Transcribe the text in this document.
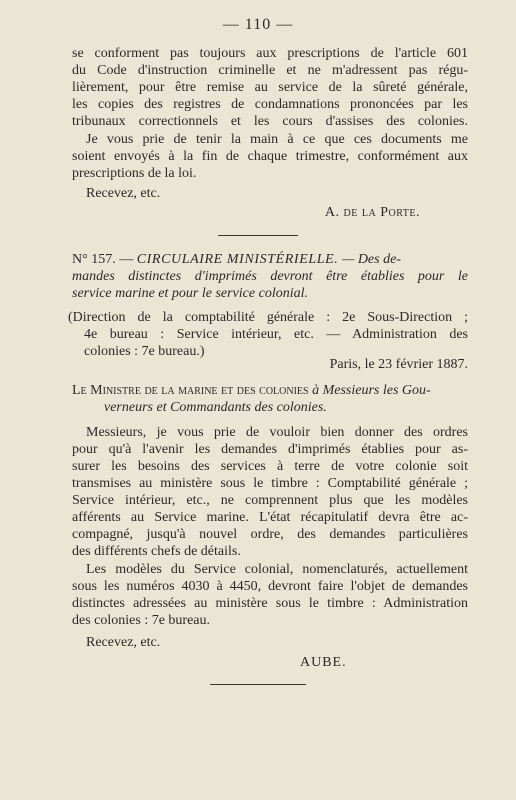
— 110 —
se conforment pas toujours aux prescriptions de l'article 601
du Code d'instruction criminelle et ne m'adressent pas régu-
lièrement, pour être remise au service de la sûreté générale,
les copies des registres de condamnations prononcées par les
tribunaux correctionnels et les cours d'assises des colonies.
Je vous prie de tenir la main à ce que ces documents me
soient envoyés à la fin de chaque trimestre, conformément aux
prescriptions de la loi.
Recevez, etc.
A. de la Porte.
N° 157. — CIRCULAIRE MINISTÉRIELLE. — Des de-
mandes distinctes d'imprimés devront être établies pour le
service marine et pour le service colonial.
(Direction de la comptabilité générale : 2e Sous-Direction ;
4e bureau : Service intérieur, etc. — Administration des
colonies : 7e bureau.)
Paris, le 23 février 1887.
Le Ministre de la marine et des colonies à Messieurs les Gou-
verneurs et Commandants des colonies.
Messieurs, je vous prie de vouloir bien donner des ordres
pour qu'à l'avenir les demandes d'imprimés établies pour as-
surer les besoins des services à terre de votre colonie soit
transmises au ministère sous le timbre : Comptabilité générale ;
Service intérieur, etc., ne comprennent plus que les modèles
afférents au Service marine. L'état récapitulatif devra être ac-
compagné, jusqu'à nouvel ordre, des demandes particulières
des différents chefs de détails.
Les modèles du Service colonial, nomenclaturés, actuellement
sous les numéros 4030 à 4450, devront faire l'objet de demandes
distinctes adressées au ministère sous le timbre : Administration
des colonies : 7e bureau.
Recevez, etc.
AUBE.
